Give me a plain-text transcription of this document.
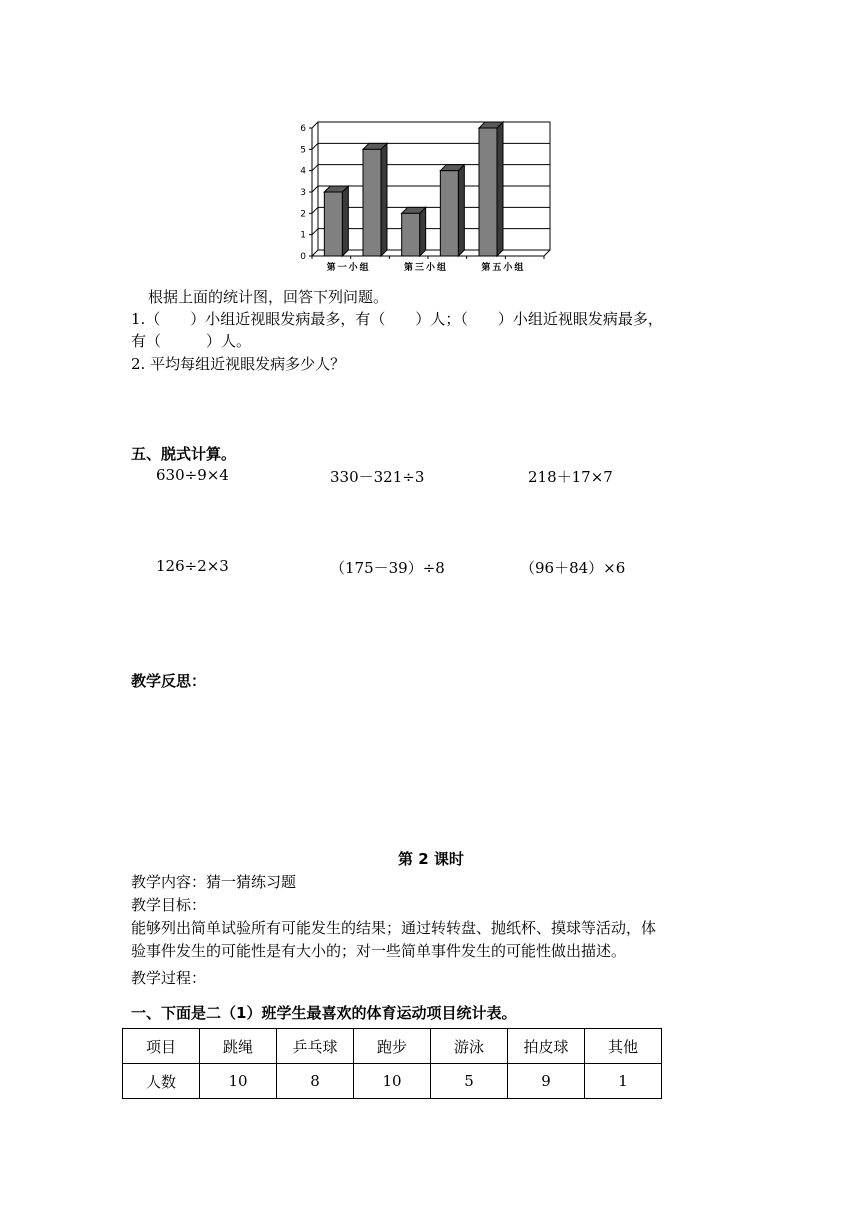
0
1
2
3
4
5
6
第一小组	第三小组	第五小组
根据上面的统计图，回答下列问题。
1.（　　）小组近视眼发病最多，有（　　）人；（　　）小组近视眼发病最多，
有（　　　）人。
2. 平均每组近视眼发病多少人？
五、脱式计算。
630÷9×4	330－321÷3	218＋17×7
126÷2×3	（175－39）÷8	（96＋84）×6
教学反思：
第 2 课时
教学内容：猜一猜练习题
教学目标：
能够列出简单试验所有可能发生的结果；通过转转盘、抛纸杯、摸球等活动，体
验事件发生的可能性是有大小的；对一些简单事件发生的可能性做出描述。
教学过程：
一、下面是二（1）班学生最喜欢的体育运动项目统计表。
项目	跳绳	乒乓球	跑步	游泳	拍皮球	其他
人数	10	8	10	5	9	1
